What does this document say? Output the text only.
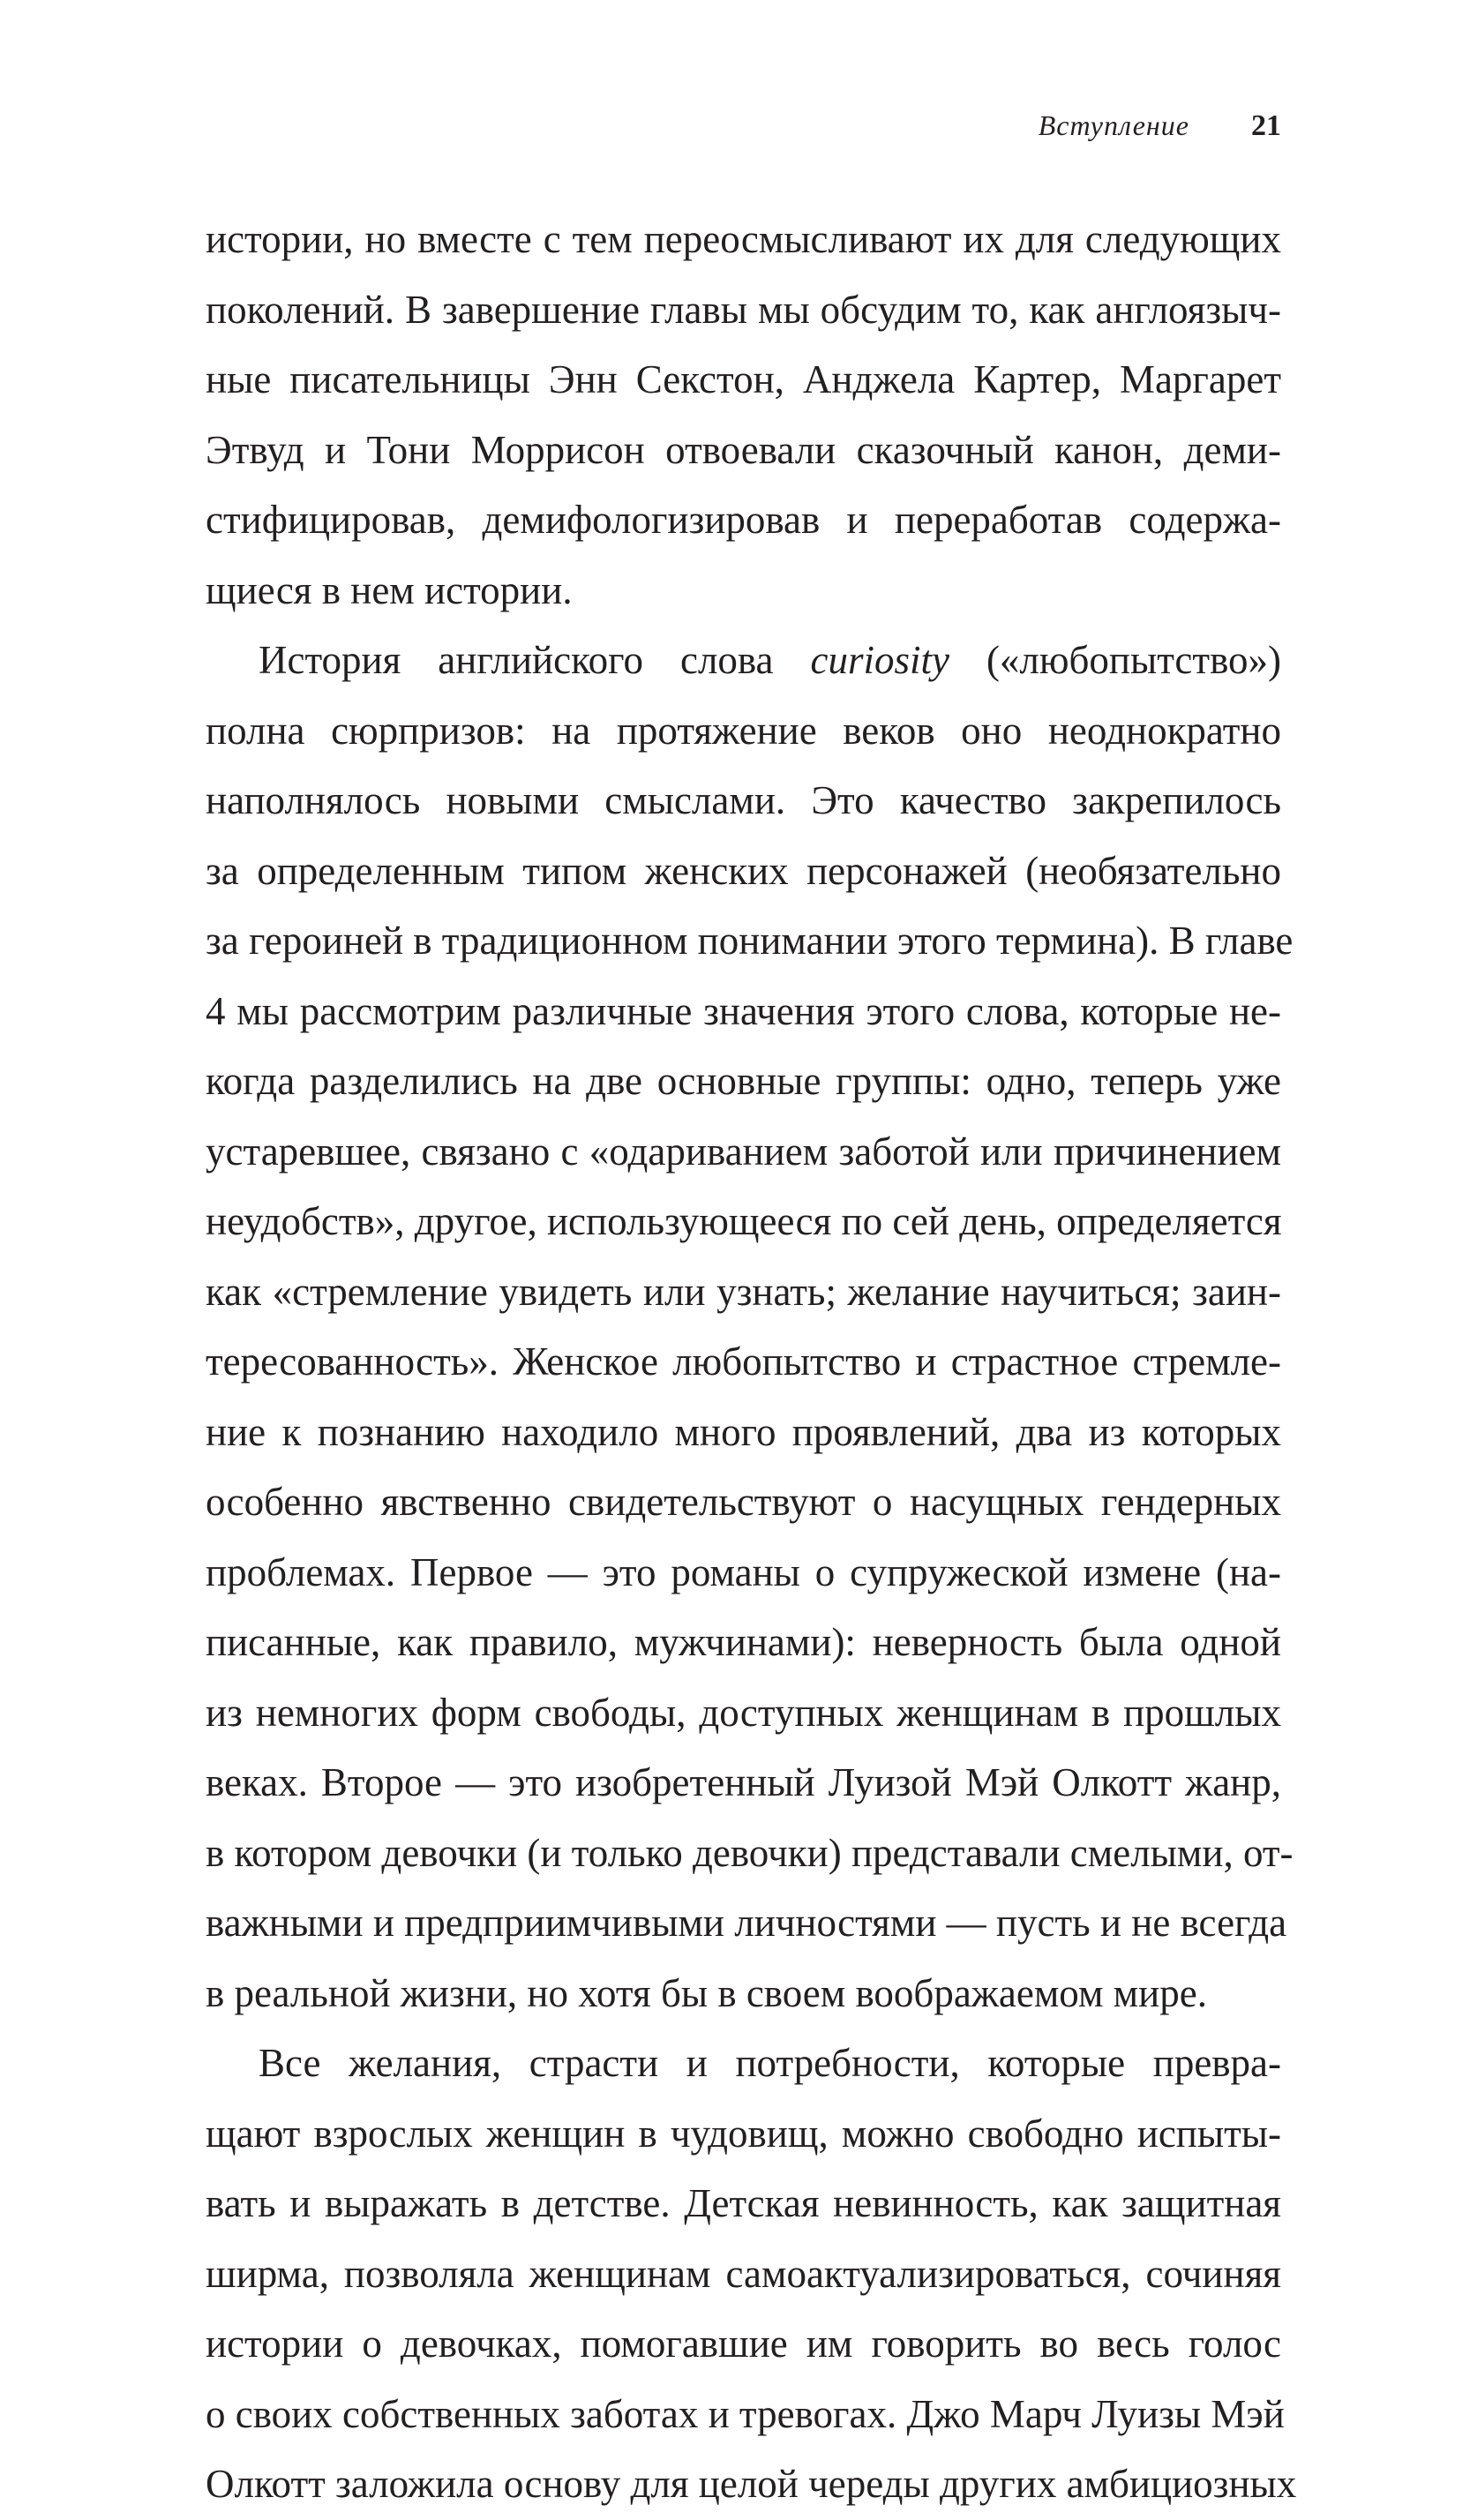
Вступление 21
истории, но вместе с тем переосмысливают их для следующих
поколений. В завершение главы мы обсудим то, как англоязыч-
ные писательницы Энн Секстон, Анджела Картер, Маргарет
Этвуд и Тони Моррисон отвоевали сказочный канон, деми-
стифицировав, демифологизировав и переработав содержа-
щиеся в нем истории.
История английского слова curiosity («любопытство»)
полна сюрпризов: на протяжение веков оно неоднократно
наполнялось новыми смыслами. Это качество закрепилось
за определенным типом женских персонажей (необязательно
за героиней в традиционном понимании этого термина). В главе
4 мы рассмотрим различные значения этого слова, которые не-
когда разделились на две основные группы: одно, теперь уже
устаревшее, связано с «одариванием заботой или причинением
неудобств», другое, использующееся по сей день, определяется
как «стремление увидеть или узнать; желание научиться; заин-
тересованность». Женское любопытство и страстное стремле-
ние к познанию находило много проявлений, два из которых
особенно явственно свидетельствуют о насущных гендерных
проблемах. Первое — это романы о супружеской измене (на-
писанные, как правило, мужчинами): неверность была одной
из немногих форм свободы, доступных женщинам в прошлых
веках. Второе — это изобретенный Луизой Мэй Олкотт жанр,
в котором девочки (и только девочки) представали смелыми, от-
важными и предприимчивыми личностями — пусть и не всегда
в реальной жизни, но хотя бы в своем воображаемом мире.
Все желания, страсти и потребности, которые превра-
щают взрослых женщин в чудовищ, можно свободно испыты-
вать и выражать в детстве. Детская невинность, как защитная
ширма, позволяла женщинам самоактуализироваться, сочиняя
истории о девочках, помогавшие им говорить во весь голос
о своих собственных заботах и тревогах. Джо Марч Луизы Мэй
Олкотт заложила основу для целой череды других амбициозных
